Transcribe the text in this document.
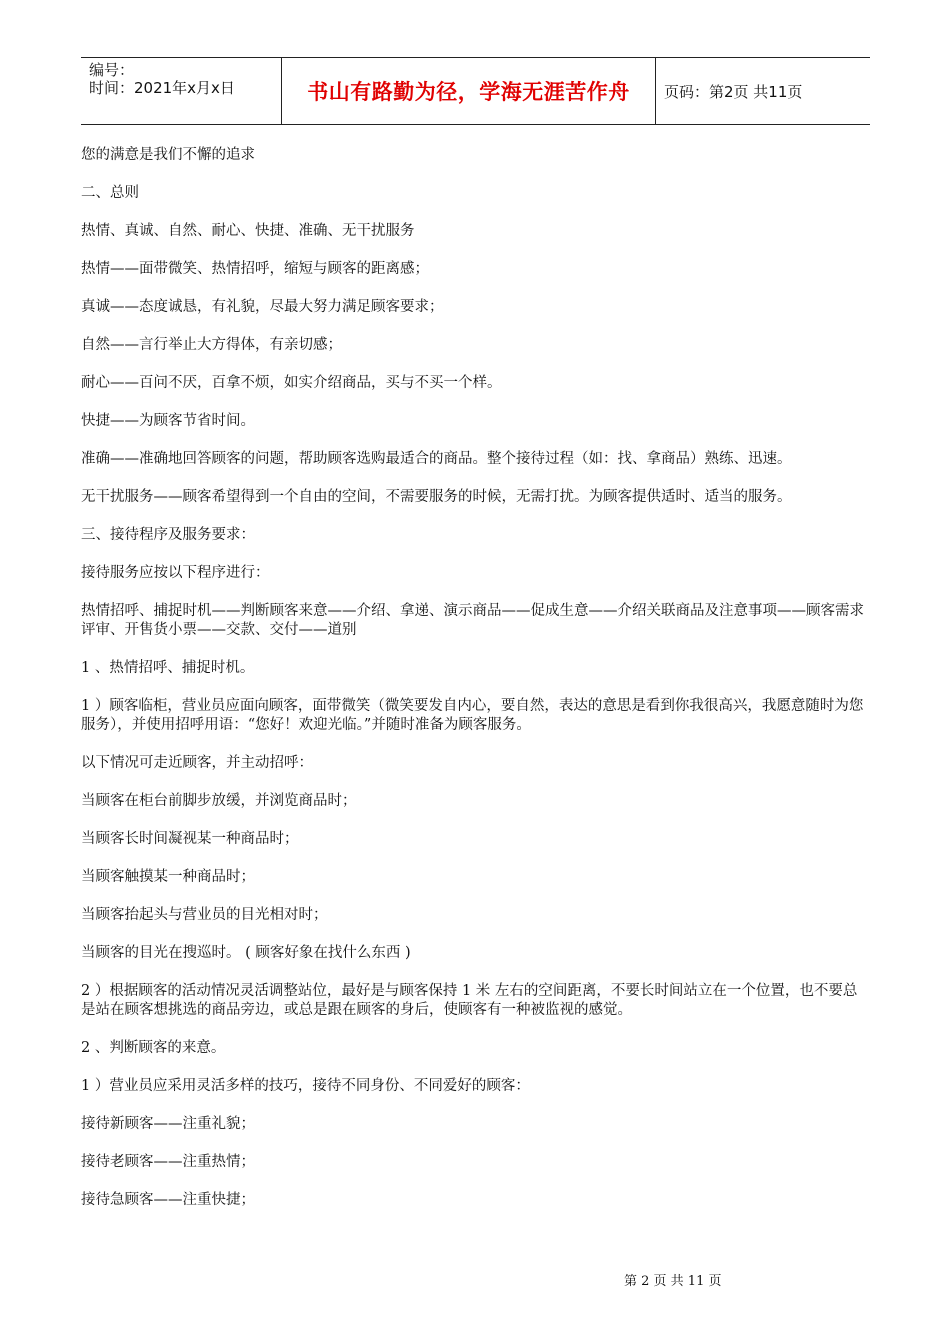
编号：
时间：2021年x月x日	书山有路勤为径，学海无涯苦作舟 页码：第2页 共11页

您的满意是我们不懈的追求

二、总则

热情、真诚、自然、耐心、快捷、准确、无干扰服务

热情——面带微笑、热情招呼，缩短与顾客的距离感；

真诚——态度诚恳，有礼貌，尽最大努力满足顾客要求；

自然——言行举止大方得体，有亲切感；

耐心——百问不厌，百拿不烦，如实介绍商品，买与不买一个样。

快捷——为顾客节省时间。

准确——准确地回答顾客的问题，帮助顾客选购最适合的商品。整个接待过程（如：找、拿商品）熟练、迅速。

无干扰服务——顾客希望得到一个自由的空间，不需要服务的时候，无需打扰。为顾客提供适时、适当的服务。

三、接待程序及服务要求：

接待服务应按以下程序进行：

热情招呼、捕捉时机——判断顾客来意——介绍、拿递、演示商品——促成生意——介绍关联商品及注意事项——顾客需求评审、开售货小票——交款、交付——道别

1 、热情招呼、捕捉时机。

1 ）顾客临柜，营业员应面向顾客，面带微笑（微笑要发自内心，要自然，表达的意思是看到你我很高兴，我愿意随时为您服务），并使用招呼用语：“您好！欢迎光临。”并随时准备为顾客服务。

以下情况可走近顾客，并主动招呼：

当顾客在柜台前脚步放缓，并浏览商品时；

当顾客长时间凝视某一种商品时；

当顾客触摸某一种商品时；

当顾客抬起头与营业员的目光相对时；

当顾客的目光在搜巡时。 ( 顾客好象在找什么东西 )

2 ）根据顾客的活动情况灵活调整站位，最好是与顾客保持 1 米 左右的空间距离，不要长时间站立在一个位置，也不要总是站在顾客想挑选的商品旁边，或总是跟在顾客的身后，使顾客有一种被监视的感觉。

2 、判断顾客的来意。

1 ）营业员应采用灵活多样的技巧，接待不同身份、不同爱好的顾客：

接待新顾客——注重礼貌；

接待老顾客——注重热情；

接待急顾客——注重快捷；

第 2 页 共 11 页
